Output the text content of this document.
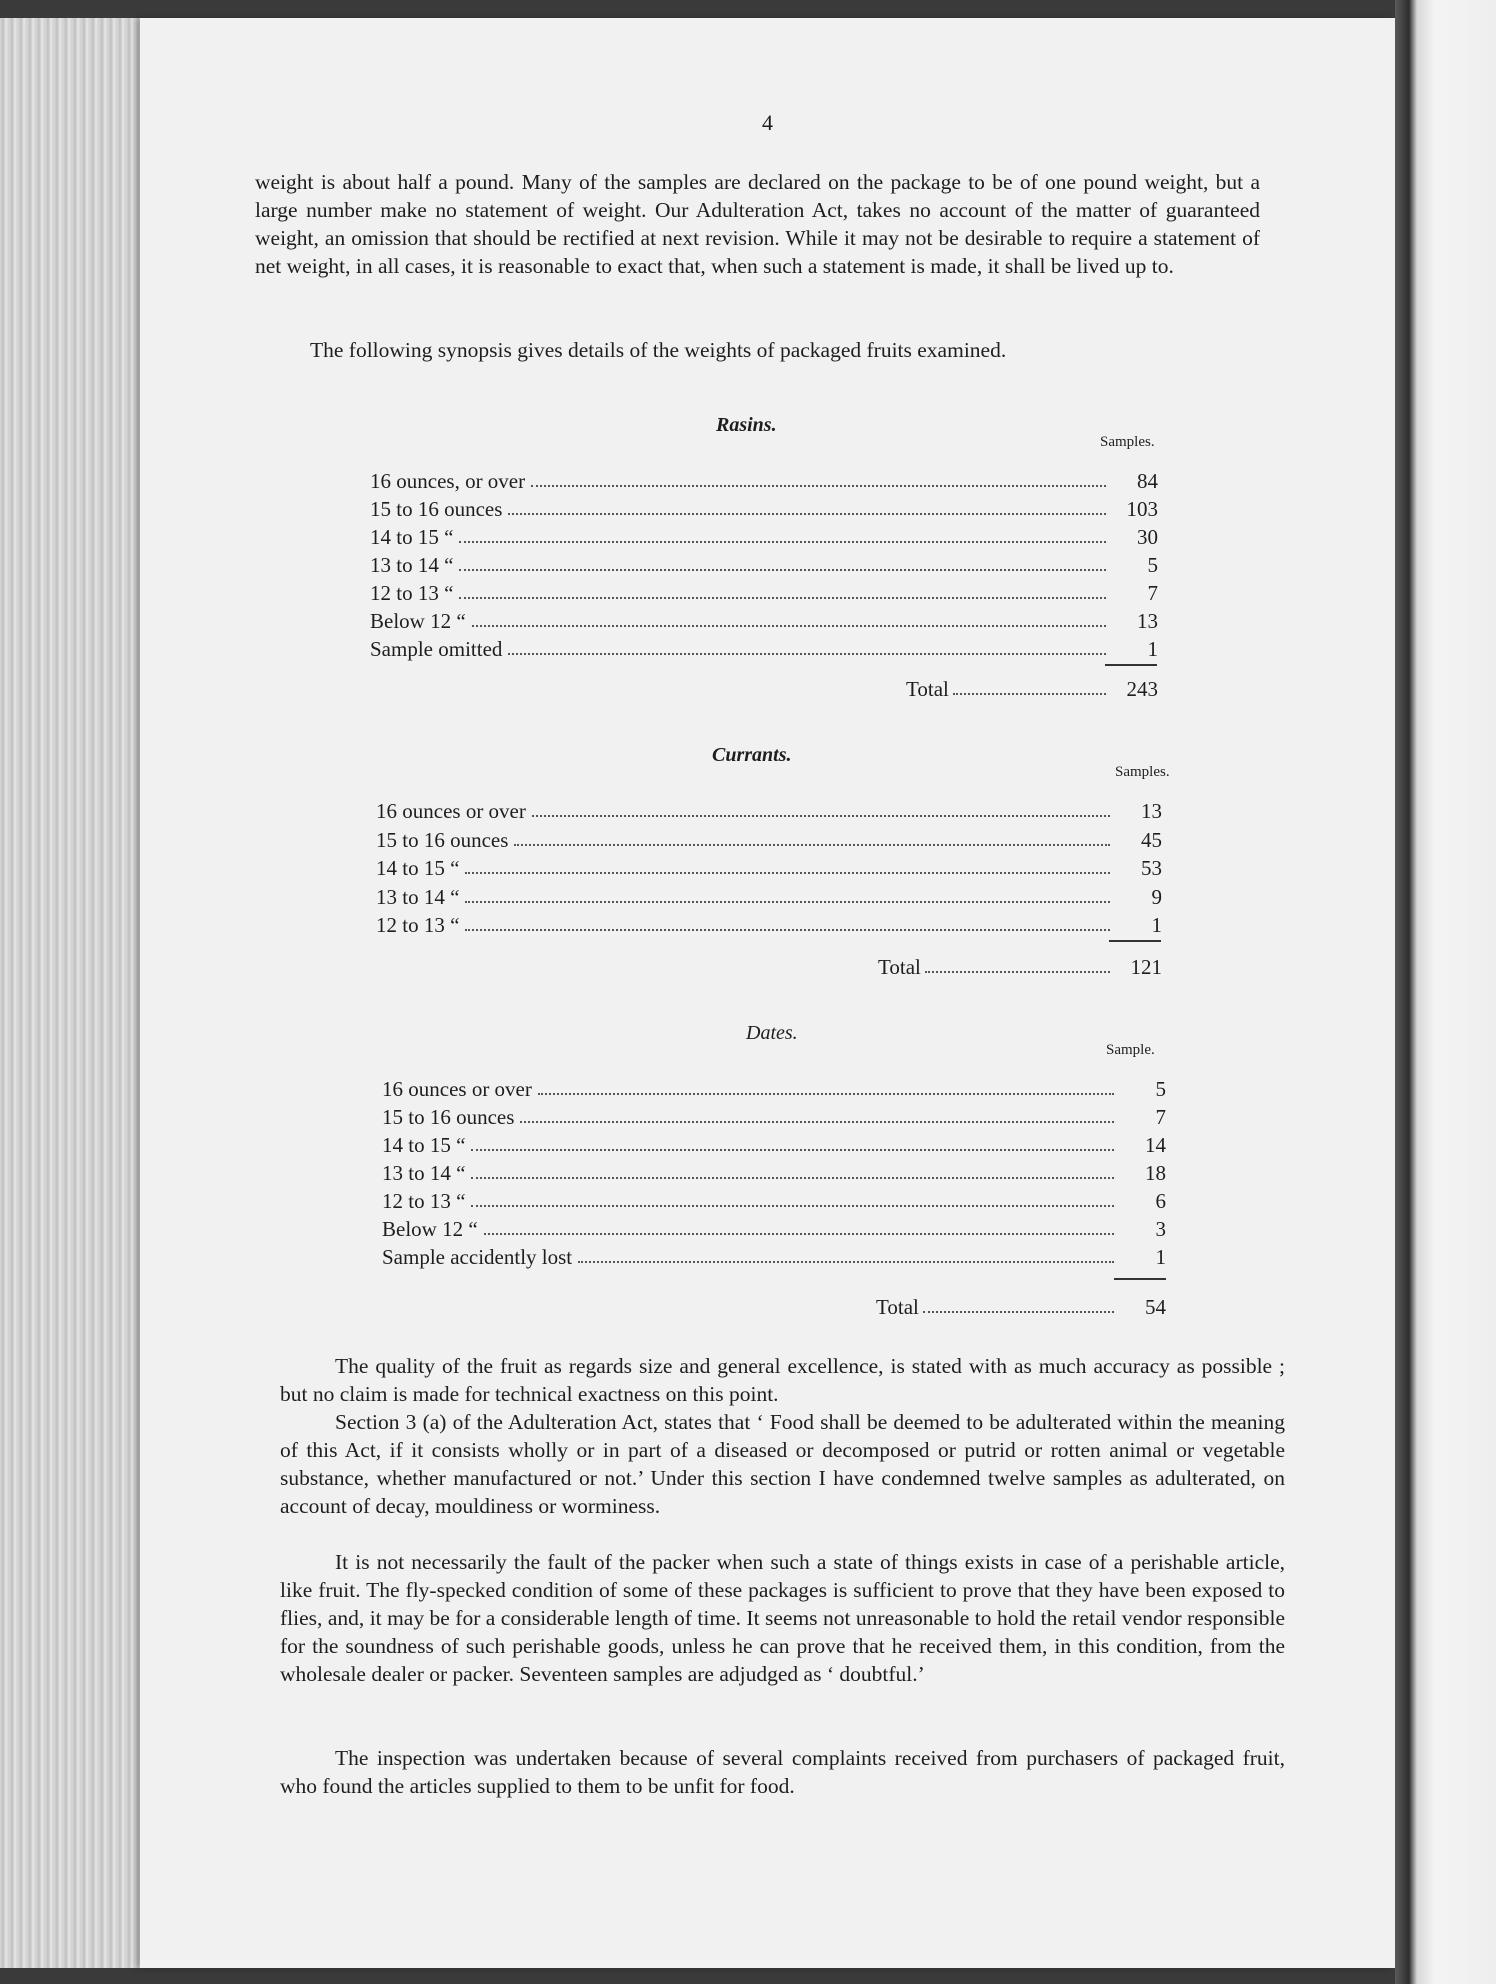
4

weight is about half a pound. Many of the samples are declared on the package to be of one pound weight, but a large number make no statement of weight. Our Adulteration Act, takes no account of the matter of guaranteed weight, an omission that should be rectified at next revision. While it may not be desirable to require a statement of net weight, in all cases, it is reasonable to exact that, when such a statement is made, it shall be lived up to.

The following synopsis gives details of the weights of packaged fruits examined.

Rasins.
Samples.
16 ounces, or over	84
15 to 16 ounces	103
14 to 15 “	30
13 to 14 “	5
12 to 13 “	7
Below 12 “	13
Sample omitted	1
Total	243
Currants.
Samples.
16 ounces or over	13
15 to 16 ounces	45
14 to 15 “	53
13 to 14 “	9
12 to 13 “	1
Total	121
Dates.
Sample.
16 ounces or over	5
15 to 16 ounces	7
14 to 15 “	14
13 to 14 “	18
12 to 13 “	6
Below 12 “	3
Sample accidently lost	1
Total	54

The quality of the fruit as regards size and general excellence, is stated with as much accuracy as possible ; but no claim is made for technical exactness on this point.

Section 3 (a) of the Adulteration Act, states that ‘ Food shall be deemed to be adulterated within the meaning of this Act, if it consists wholly or in part of a diseased or decomposed or putrid or rotten animal or vegetable substance, whether manufactured or not.’ Under this section I have condemned twelve samples as adulterated, on account of decay, mouldiness or worminess.

It is not necessarily the fault of the packer when such a state of things exists in case of a perishable article, like fruit. The fly-specked condition of some of these packages is sufficient to prove that they have been exposed to flies, and, it may be for a considerable length of time. It seems not unreasonable to hold the retail vendor responsible for the soundness of such perishable goods, unless he can prove that he received them, in this condition, from the wholesale dealer or packer. Seventeen samples are adjudged as ‘ doubtful.’

The inspection was undertaken because of several complaints received from purchasers of packaged fruit, who found the articles supplied to them to be unfit for food.
